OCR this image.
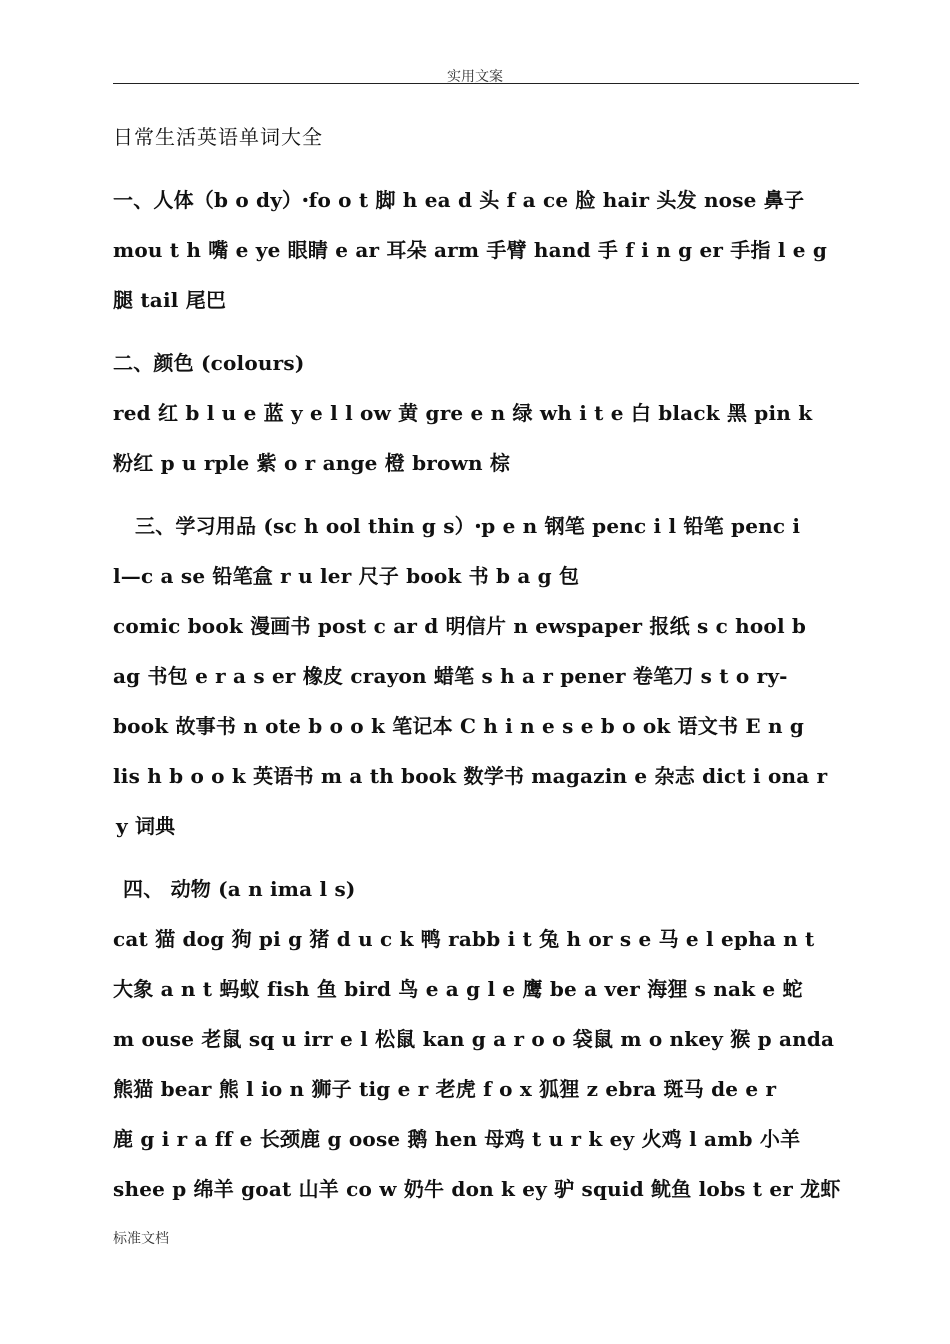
实用文案
日常生活英语单词大全
一、人体（b o dy）ꞏfo o t 脚 h ea d 头 f a ce 脸 hair 头发 nose 鼻子
mou t h 嘴 e ye 眼睛 e ar 耳朵 arm 手臂 hand 手 f i n g er 手指 l e g
腿 tail 尾巴
二、颜色 (colours)
red 红 b l u e 蓝 y e l l ow 黄 gre e n 绿 wh i t e 白 black 黑 pin k
粉红 p u rple 紫 o r ange 橙 brown 棕
三、学习用品 (sc h ool thin g s）ꞏp e n 钢笔 penc i l 铅笔 penc i
l—c a se 铅笔盒 r u ler 尺子 book 书 b a g 包
comic book 漫画书 post c ar d 明信片 n ewspaper 报纸 s c hool b
ag 书包 e r a s er 橡皮 crayon 蜡笔 s h a r pener 卷笔刀 s t o ry-
book 故事书 n ote b o o k 笔记本 C h i n e s e b o ok 语文书 E n g
lis h b o o k 英语书 m a th book 数学书 magazin e 杂志 dict i ona r
y 词典
四、 动物 (a n ima l s)
cat 猫 dog 狗 pi g 猪 d u c k 鸭 rabb i t 兔 h or s e 马 e l epha n t
大象 a n t 蚂蚁 fish 鱼 bird 鸟 e a g l e 鹰 be a ver 海狸 s nak e 蛇
m ouse 老鼠 sq u irr e l 松鼠 kan g a r o o 袋鼠 m o nkey 猴 p anda
熊猫 bear 熊 l io n 狮子 tig e r 老虎 f o x 狐狸 z ebra 斑马 de e r
鹿 g i r a ff e 长颈鹿 g oose 鹅 hen 母鸡 t u r k ey 火鸡 l amb 小羊
shee p 绵羊 goat 山羊 co w 奶牛 don k ey 驴 squid 鱿鱼 lobs t er 龙虾
标准文档
